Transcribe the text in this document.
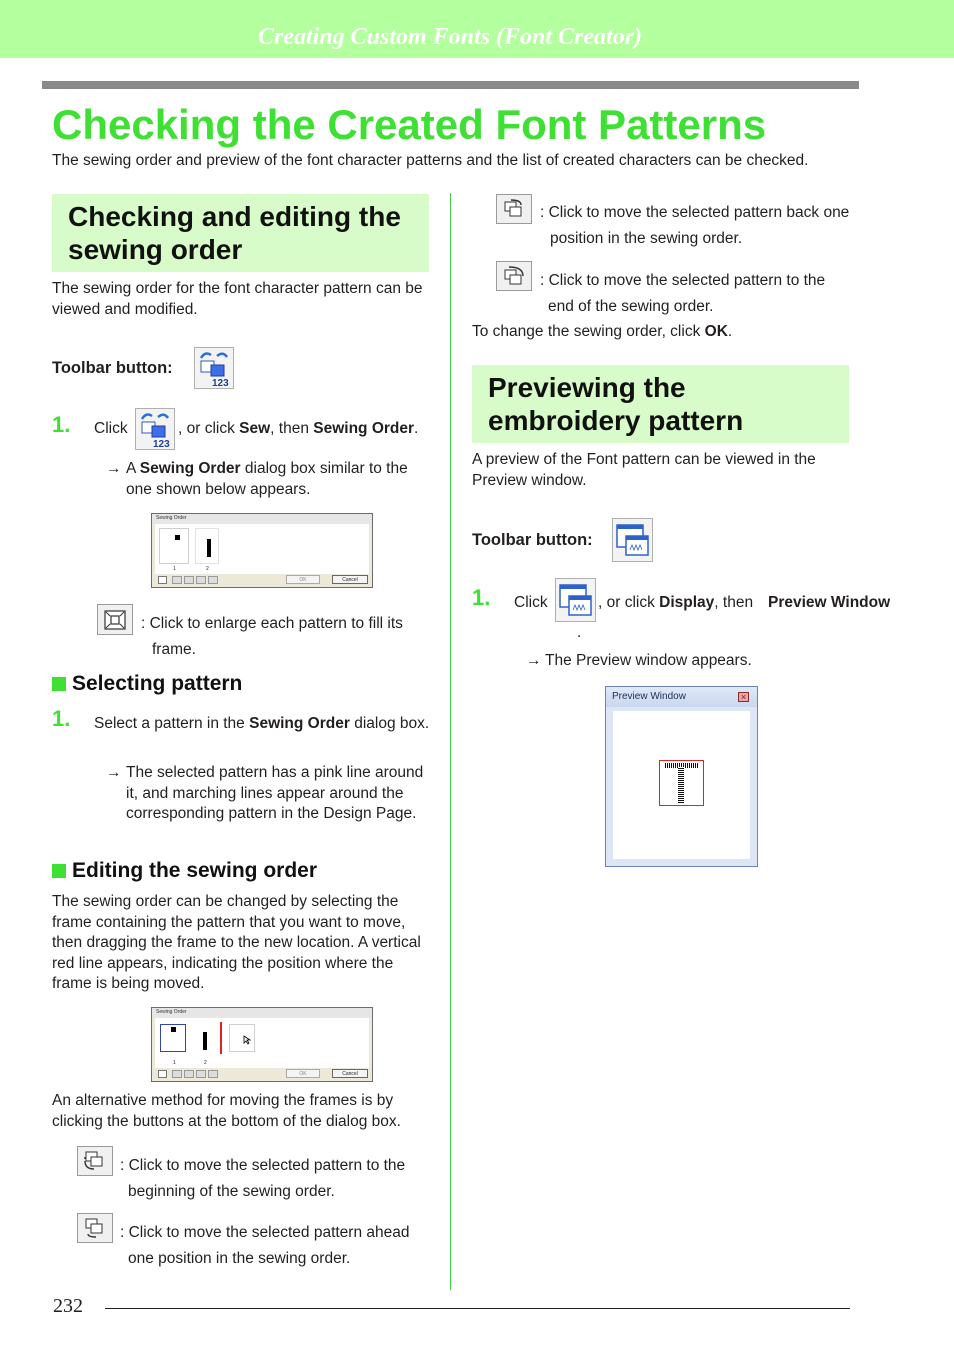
Creating Custom Fonts (Font Creator)
Checking the Created Font Patterns
The sewing order and preview of the font character patterns and the list of created characters can be checked.
Checking and editing the sewing order
The sewing order for the font character pattern can be viewed and modified.
Toolbar button:
123
1. Click
123
, or click Sew, then Sewing Order.
→ A Sewing Order dialog box similar to the one shown below appears.
Sewing Order
1	2
OK	Cancel
: Click to enlarge each pattern to fill its frame.
Selecting pattern
1. Select a pattern in the Sewing Order dialog box.
→ The selected pattern has a pink line around it, and marching lines appear around the corresponding pattern in the Design Page.
Editing the sewing order
The sewing order can be changed by selecting the frame containing the pattern that you want to move, then dragging the frame to the new location. A vertical red line appears, indicating the position where the frame is being moved.
Sewing Order
1	2
OK	Cancel
An alternative method for moving the frames is by clicking the buttons at the bottom of the dialog box.
: Click to move the selected pattern to the beginning of the sewing order.
: Click to move the selected pattern ahead one position in the sewing order.
: Click to move the selected pattern back one position in the sewing order.
: Click to move the selected pattern to the end of the sewing order.
To change the sewing order, click OK.
Previewing the embroidery pattern
A preview of the Font pattern can be viewed in the Preview window.
Toolbar button:
1. Click	, or click Display, then Preview Window
.
→ The Preview window appears.
Preview Window	×
232
